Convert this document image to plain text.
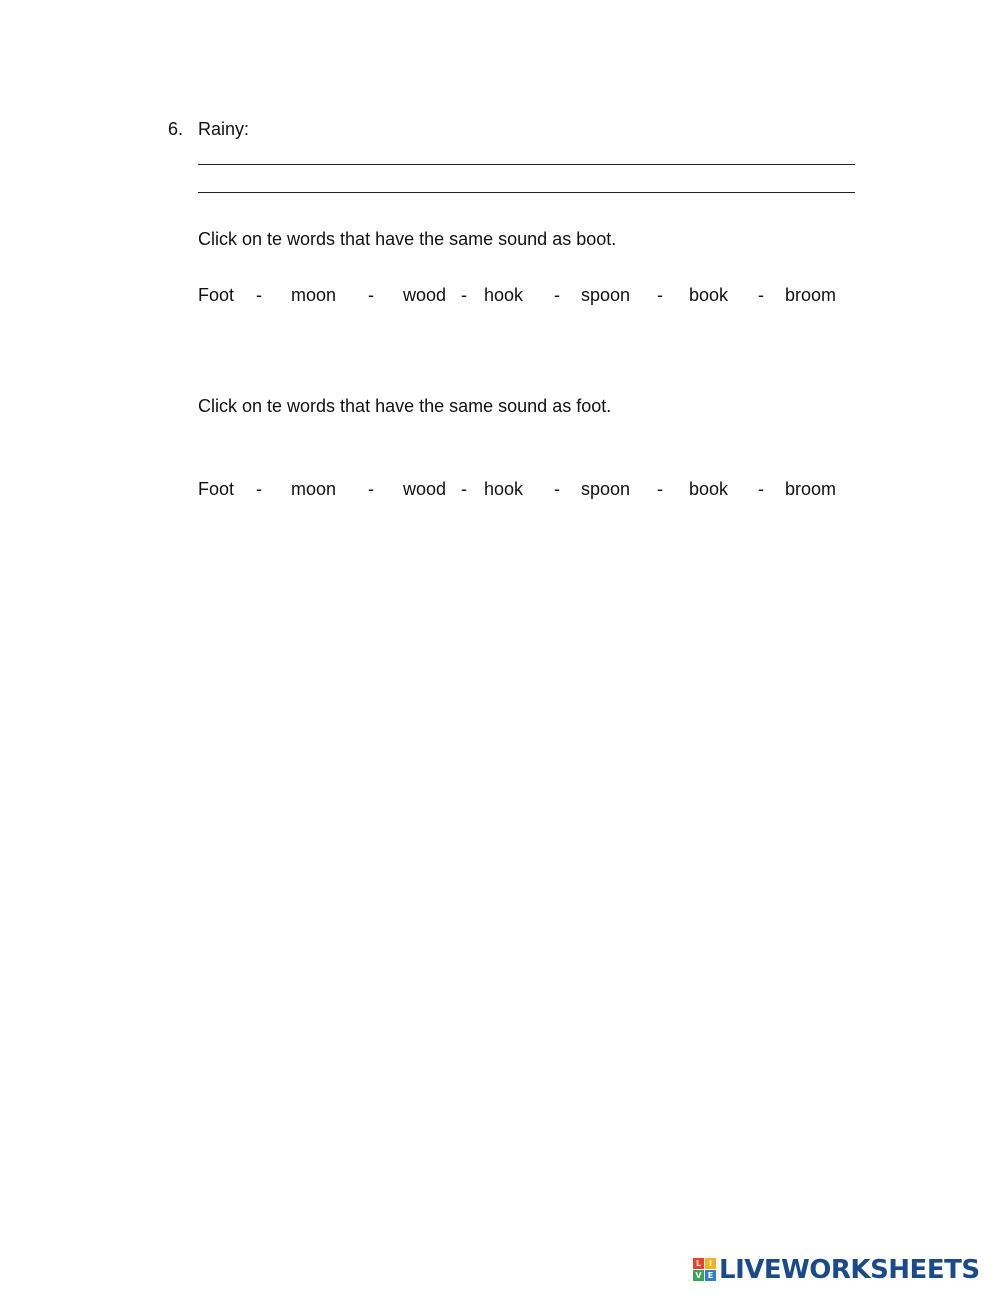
6. Rainy:
Click on te words that have the same sound as boot.
Foot - moon - wood - hook - spoon - book - broom
Click on te words that have the same sound as foot.
Foot - moon - wood - hook - spoon - book - broom
L I
V E LIVEWORKSHEETS
